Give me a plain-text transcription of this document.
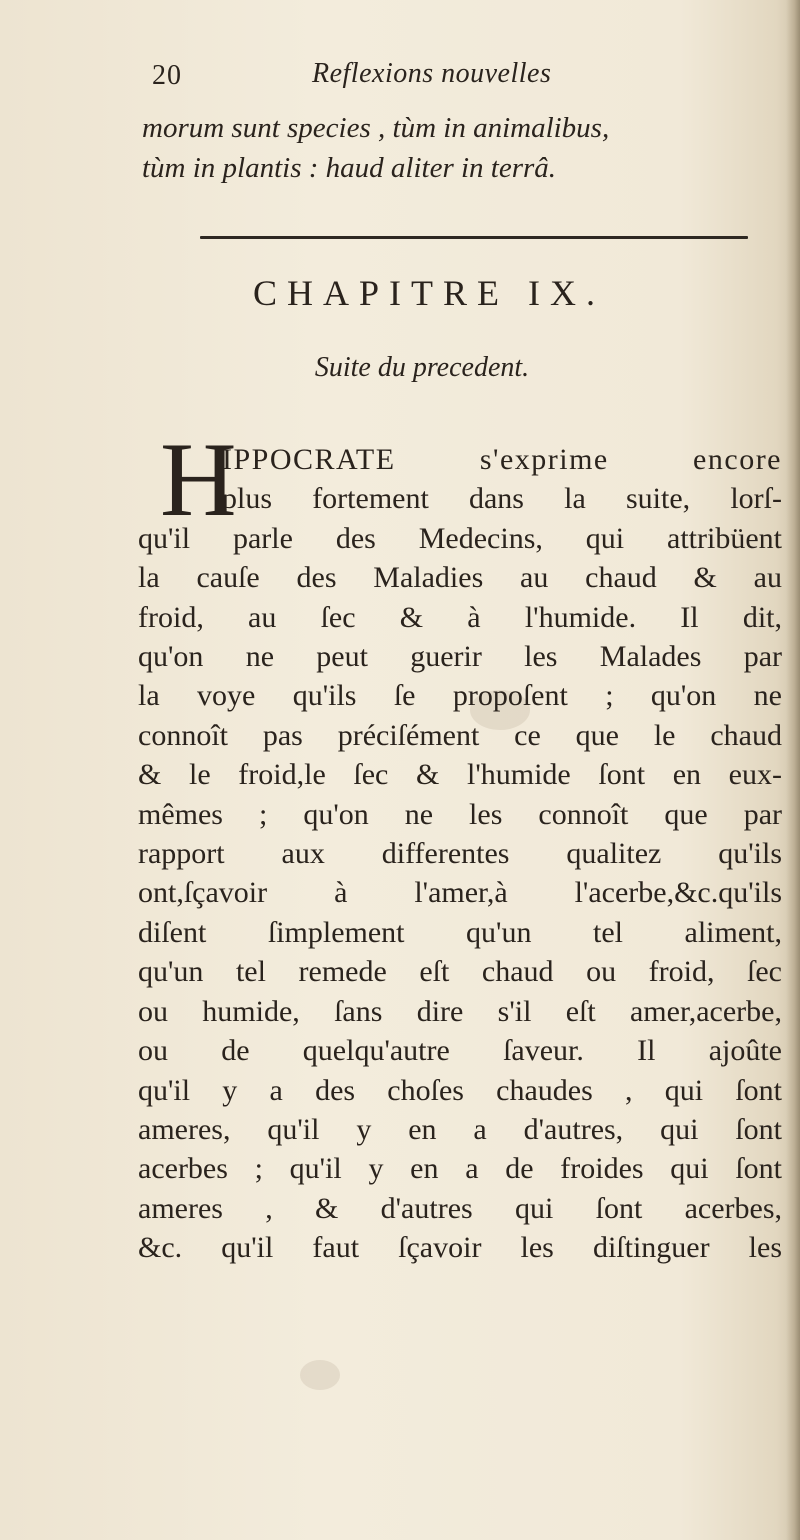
20	Reflexions nouvelles
morum sunt species , tùm in animalibus,
tùm in plantis : haud aliter in terrâ.
CHAPITRE IX.
Suite du precedent.
H
IPPOCRATE s'exprime encore
plus fortement dans la suite, lorſ-
qu'il parle des Medecins, qui attribüent
la cauſe des Maladies au chaud & au
froid, au ſec & à l'humide. Il dit,
qu'on ne peut guerir les Malades par
la voye qu'ils ſe propoſent ; qu'on ne
connoît pas préciſément ce que le chaud
& le froid,le ſec & l'humide ſont en eux-
mêmes ; qu'on ne les connoît que par
rapport aux differentes qualitez qu'ils
ont,ſçavoir à l'amer,à l'acerbe,&c.qu'ils
diſent ſimplement qu'un tel aliment,
qu'un tel remede eſt chaud ou froid, ſec
ou humide, ſans dire s'il eſt amer,acerbe,
ou de quelqu'autre ſaveur. Il ajoûte
qu'il y a des choſes chaudes , qui ſont
ameres, qu'il y en a d'autres, qui ſont
acerbes ; qu'il y en a de froides qui ſont
ameres , & d'autres qui ſont acerbes,
&c. qu'il faut ſçavoir les diſtinguer les
